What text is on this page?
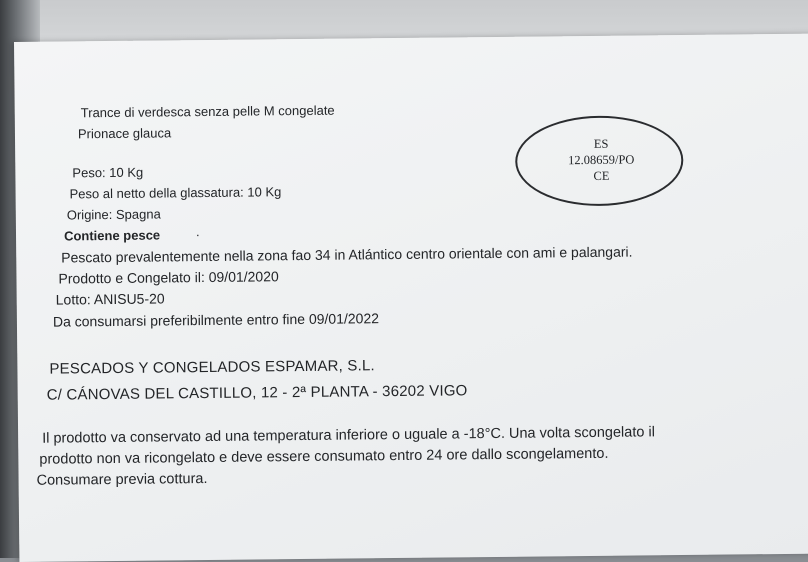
Trance di verdesca senza pelle M congelate
Prionace glauca
Peso: 10 Kg
Peso al netto della glassatura: 10 Kg
Origine: Spagna
Contiene pesce	.
Pescato prevalentemente nella zona fao 34 in Atlántico centro orientale con ami e palangari.
Prodotto e Congelato il: 09/01/2020
Lotto: ANISU5-20
Da consumarsi preferibilmente entro fine 09/01/2022
ES
12.08659/PO
CE
PESCADOS Y CONGELADOS ESPAMAR, S.L.
C/ CÁNOVAS DEL CASTILLO, 12 - 2ª PLANTA - 36202 VIGO
Il prodotto va conservato ad una temperatura inferiore o uguale a -18°C. Una volta scongelato il
prodotto non va ricongelato e deve essere consumato entro 24 ore dallo scongelamento.
Consumare previa cottura.
